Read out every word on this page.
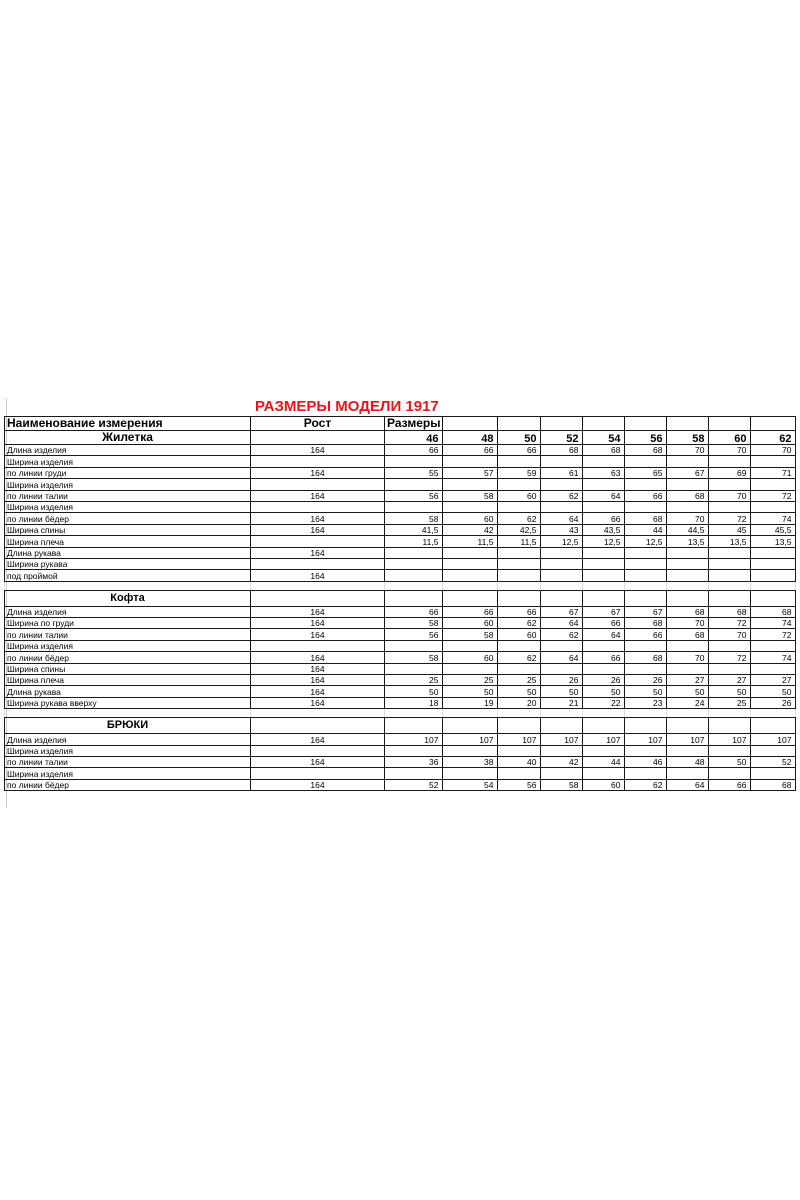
РАЗМЕРЫ МОДЕЛИ 1917
Наименование измерения	Рост	Размеры								
Жилетка		46	48	50	52	54	56	58	60	62
Длина изделия	164	66	66	66	68	68	68	70	70	70
Ширина изделия										
по линии груди	164	55	57	59	61	63	65	67	69	71
Ширина изделия										
по линии талии	164	56	58	60	62	64	66	68	70	72
Ширина изделия										
по линии бёдер	164	58	60	62	64	66	68	70	72	74
Ширина спины	164	41,5	42	42,5	43	43,5	44	44,5	45	45,5
Ширина плеча		11,5	11,5	11,5	12,5	12,5	12,5	13,5	13,5	13,5
Длина рукава	164									
Ширина рукава										
под проймой	164									

Кофта										
Длина изделия	164	66	66	66	67	67	67	68	68	68
Ширина по груди	164	58	60	62	64	66	68	70	72	74
по линии талии	164	56	58	60	62	64	66	68	70	72
Ширина изделия										
по линии бёдер	164	58	60	62	64	66	68	70	72	74
Ширина спины	164									
Ширина плеча	164	25	25	25	26	26	26	27	27	27
Длина рукава	164	50	50	50	50	50	50	50	50	50
Ширина рукава вверху	164	18	19	20	21	22	23	24	25	26

БРЮКИ										
Длина изделия	164	107	107	107	107	107	107	107	107	107
Ширина изделия										
по линии талии	164	36	38	40	42	44	46	48	50	52
Ширина изделия										
по линии бёдер	164	52	54	56	58	60	62	64	66	68
